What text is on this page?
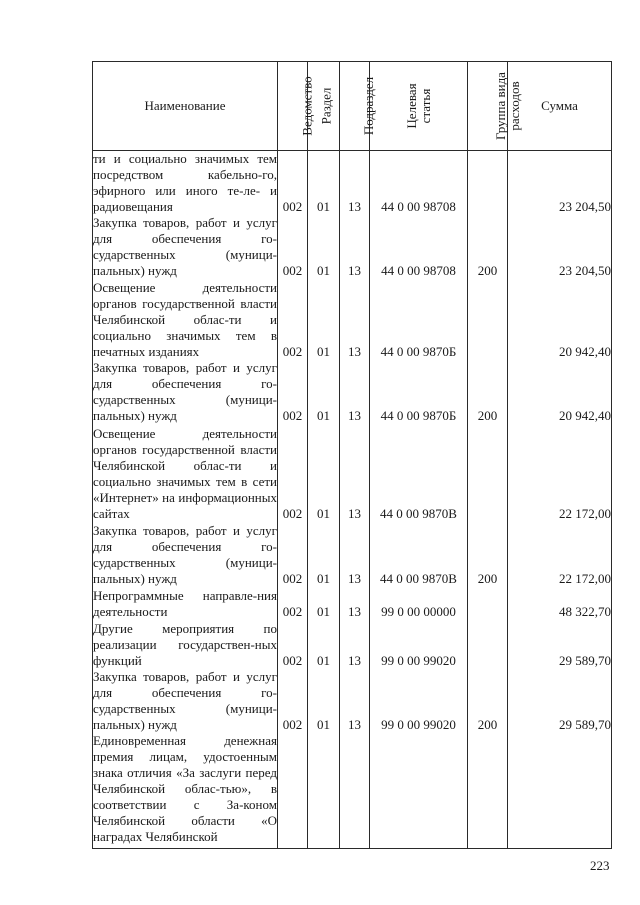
Наименование	Ведомство	Раздел	Подраздел	Целевая статья	Группа вида расходов	Сумма

ти и социально значимых тем посредством кабельно-го, эфирного или иного те-ле- и радиовещания	002	01	13	44 0 00 98708		23 204,50

Закупка товаров, работ и услуг для обеспечения го-сударственных (муници-пальных) нужд	002	01	13	44 0 00 98708	200	23 204,50

Освещение деятельности органов государственной власти Челябинской облас-ти и социально значимых тем в печатных изданиях	002	01	13	44 0 00 9870Б		20 942,40

Закупка товаров, работ и услуг для обеспечения го-сударственных (муници-пальных) нужд	002	01	13	44 0 00 9870Б	200	20 942,40

Освещение деятельности органов государственной власти Челябинской облас-ти и социально значимых тем в сети «Интернет» на информационных сайтах	002	01	13	44 0 00 9870В		22 172,00

Закупка товаров, работ и услуг для обеспечения го-сударственных (муници-пальных) нужд	002	01	13	44 0 00 9870В	200	22 172,00

Непрограммные направле-ния деятельности	002	01	13	99 0 00 00000		48 322,70

Другие мероприятия по реализации государствен-ных функций	002	01	13	99 0 00 99020		29 589,70

Закупка товаров, работ и услуг для обеспечения го-сударственных (муници-пальных) нужд	002	01	13	99 0 00 99020	200	29 589,70

Единовременная денежная премия лицам, удостоенным знака отличия «За заслуги перед Челябинской облас-тью», в соответствии с За-коном Челябинской области «О наградах Челябинской						

223
